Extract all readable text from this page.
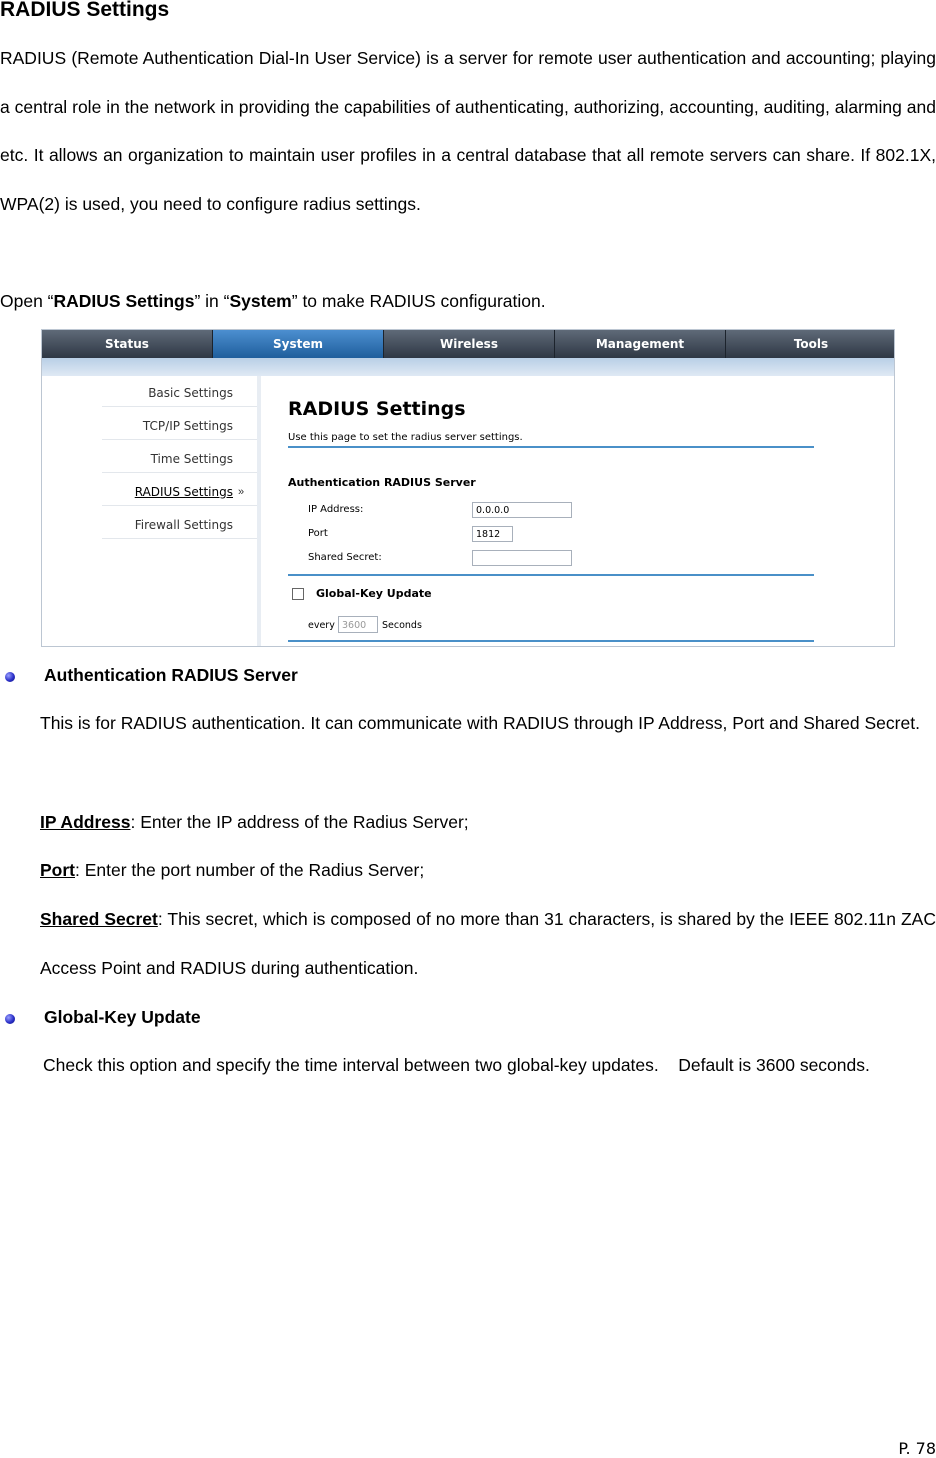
RADIUS Settings
RADIUS (Remote Authentication Dial-In User Service) is a server for remote user authentication and accounting; playing a central role in the network in providing the capabilities of authenticating, authorizing, accounting, auditing, alarming and etc. It allows an organization to maintain user profiles in a central database that all remote servers can share. If 802.1X, WPA(2) is used, you need to configure radius settings.
Open “RADIUS Settings” in “System” to make RADIUS configuration.
Status	System	Wireless	Management	Tools
Basic Settings
TCP/IP Settings
Time Settings
RADIUS Settings »
Firewall Settings
RADIUS Settings
Use this page to set the radius server settings.
Authentication RADIUS Server
IP Address:	0.0.0.0
Port	1812
Shared Secret:
Global-Key Update
every 3600	Seconds
Authentication RADIUS Server
This is for RADIUS authentication. It can communicate with RADIUS through IP Address, Port and Shared Secret.
IP Address: Enter the IP address of the Radius Server;
Port: Enter the port number of the Radius Server;
Shared Secret: This secret, which is composed of no more than 31 characters, is shared by the IEEE 802.11n ZAC Access Point and RADIUS during authentication.
Global-Key Update
Check this option and specify the time interval between two global-key updates.    Default is 3600 seconds.
P. 78
